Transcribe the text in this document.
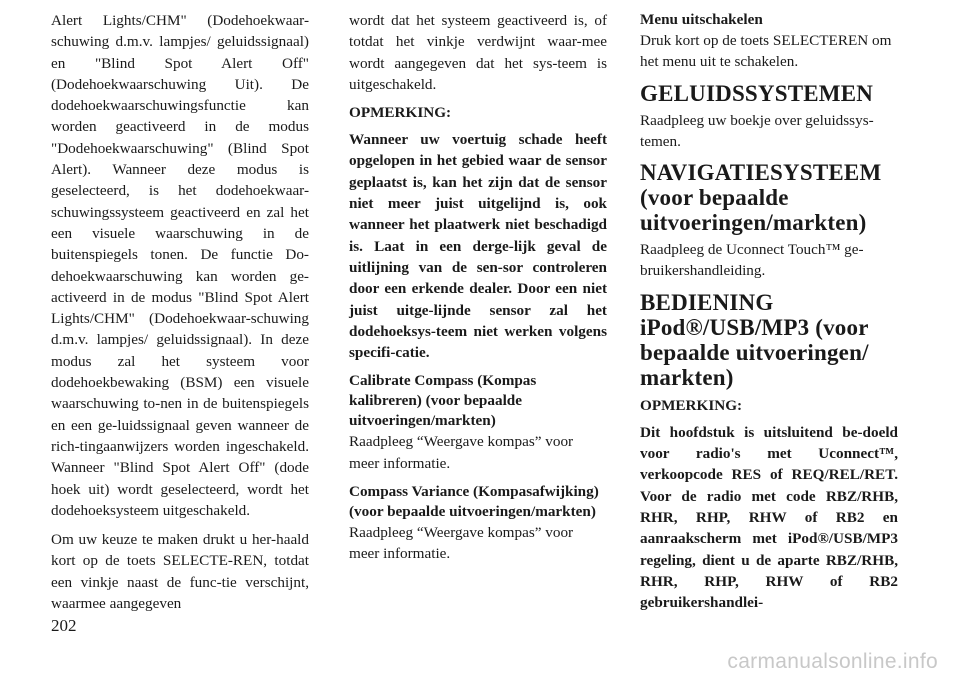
Alert Lights/CHM" (Dodehoekwaar-schuwing d.m.v. lampjes/ geluidssignaal) en "Blind Spot Alert Off" (Dodehoekwaarschuwing Uit). De dodehoekwaarschuwingsfunctie kan worden geactiveerd in de modus "Dodehoekwaarschuwing" (Blind Spot Alert). Wanneer deze modus is geselecteerd, is het dodehoekwaar-schuwingssysteem geactiveerd en zal het een visuele waarschuwing in de buitenspiegels tonen. De functie Do-dehoekwaarschuwing kan worden ge-activeerd in de modus "Blind Spot Alert Lights/CHM" (Dodehoekwaar-schuwing d.m.v. lampjes/ geluidssignaal). In deze modus zal het systeem voor dodehoekbewaking (BSM) een visuele waarschuwing to-nen in de buitenspiegels en een ge-luidssignaal geven wanneer de rich-tingaanwijzers worden ingeschakeld. Wanneer "Blind Spot Alert Off" (dode hoek uit) wordt geselecteerd, wordt het dodehoeksysteem uitgeschakeld.

Om uw keuze te maken drukt u her-haald kort op de toets SELECTE-REN, totdat een vinkje naast de func-tie verschijnt, waarmee aangegeven

wordt dat het systeem geactiveerd is, of totdat het vinkje verdwijnt waar-mee wordt aangegeven dat het sys-teem is uitgeschakeld.

OPMERKING:

Wanneer uw voertuig schade heeft opgelopen in het gebied waar de sensor geplaatst is, kan het zijn dat de sensor niet meer juist uitgelijnd is, ook wanneer het plaatwerk niet beschadigd is. Laat in een derge-lijk geval de uitlijning van de sen-sor controleren door een erkende dealer. Door een niet juist uitge-lijnde sensor zal het dodehoeksys-teem niet werken volgens specifi-catie.

Calibrate Compass (Kompas kalibreren) (voor bepaalde uitvoeringen/markten)

Raadpleeg “Weergave kompas” voor meer informatie.

Compass Variance (Kompasafwijking) (voor bepaalde uitvoeringen/markten)

Raadpleeg “Weergave kompas” voor meer informatie.

Menu uitschakelen

Druk kort op de toets SELECTEREN om het menu uit te schakelen.

GELUIDSSYSTEMEN

Raadpleeg uw boekje over geluidssys-temen.

NAVIGATIESYSTEEM
(voor bepaalde uitvoeringen/markten)

Raadpleeg de Uconnect Touch™ ge-bruikershandleiding.

BEDIENING
iPod®/USB/MP3 (voor bepaalde uitvoeringen/ markten)

OPMERKING:

Dit hoofdstuk is uitsluitend be-doeld voor radio's met Uconnect™, verkoopcode RES of REQ/REL/RET. Voor de radio met code RBZ/RHB, RHR, RHP, RHW of RB2 en aanraakscherm met iPod®/USB/MP3 regeling, dient u de aparte RBZ/RHB, RHR, RHP, RHW of RB2 gebruikershandlei-

202
carmanualsonline.info
